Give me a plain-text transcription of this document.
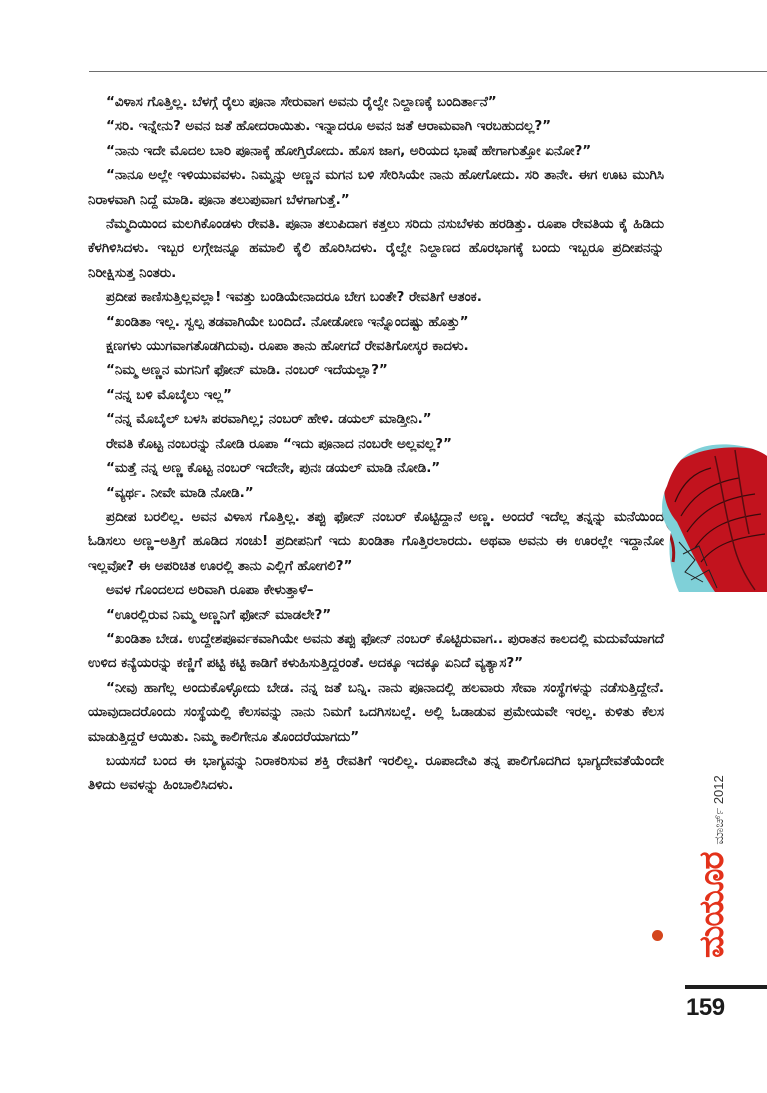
“ವಿಳಾಸ ಗೊತ್ತಿಲ್ಲ. ಬೆಳಗ್ಗೆ ರೈಲು ಪೂನಾ ಸೇರುವಾಗ ಅವನು ರೈಲ್ವೇ ನಿಲ್ದಾಣಕ್ಕೆ ಬಂದಿರ್ತಾನೆ”

“ಸರಿ. ಇನ್ನೇನು? ಅವನ ಜತೆ ಹೋದರಾಯಿತು. ಇನ್ನಾದರೂ ಅವನ ಜತೆ ಆರಾಮವಾಗಿ ಇರಬಹುದಲ್ಲ?”

“ನಾನು ಇದೇ ಮೊದಲ ಬಾರಿ ಪೂನಾಕ್ಕೆ ಹೋಗ್ತಿರೋದು. ಹೊಸ ಜಾಗ, ಅರಿಯದ ಭಾಷೆ ಹೇಗಾಗುತ್ತೋ ಏನೋ?”

“ನಾನೂ ಅಲ್ಲೇ ಇಳಿಯುವವಳು. ನಿಮ್ಮನ್ನು ಅಣ್ಣನ ಮಗನ ಬಳಿ ಸೇರಿಸಿಯೇ ನಾನು ಹೋಗೋದು. ಸರಿ ತಾನೇ. ಈಗ ಊಟ ಮುಗಿಸಿ ನಿರಾಳವಾಗಿ ನಿದ್ದೆ ಮಾಡಿ. ಪೂನಾ ತಲುಪುವಾಗ ಬೆಳಗಾಗುತ್ತೆ.”

ನೆಮ್ಮದಿಯಿಂದ ಮಲಗಿಕೊಂಡಳು ರೇವತಿ. ಪೂನಾ ತಲುಪಿದಾಗ ಕತ್ತಲು ಸರಿದು ನಸುಬೆಳಕು ಹರಡಿತ್ತು. ರೂಪಾ ರೇವತಿಯ ಕೈ ಹಿಡಿದು ಕೆಳಗಿಳಿಸಿದಳು. ಇಬ್ಬರ ಲಗ್ಗೇಜನ್ನೂ ಹಮಾಲಿ ಕೈಲಿ ಹೊರಿಸಿದಳು. ರೈಲ್ವೇ ನಿಲ್ದಾಣದ ಹೊರಭಾಗಕ್ಕೆ ಬಂದು ಇಬ್ಬರೂ ಪ್ರದೀಪನನ್ನು ನಿರೀಕ್ಷಿಸುತ್ತ ನಿಂತರು.

ಪ್ರದೀಪ ಕಾಣಿಸುತ್ತಿಲ್ಲವಲ್ಲಾ! ಇವತ್ತು ಬಂಡಿಯೇನಾದರೂ ಬೇಗ ಬಂತೇ? ರೇವತಿಗೆ ಆತಂಕ.

“ಖಂಡಿತಾ ಇಲ್ಲ. ಸ್ವಲ್ಪ ತಡವಾಗಿಯೇ ಬಂದಿದೆ. ನೋಡೋಣ ಇನ್ನೊಂದಷ್ಟು ಹೊತ್ತು”

ಕ್ಷಣಗಳು ಯುಗವಾಗತೊಡಗಿದುವು. ರೂಪಾ ತಾನು ಹೋಗದೆ ರೇವತಿಗೋಸ್ಕರ ಕಾದಳು.

“ನಿಮ್ಮ ಅಣ್ಣನ ಮಗನಿಗೆ ಫೋನ್ ಮಾಡಿ. ನಂಬರ್ ಇದೆಯಲ್ಲಾ?”

“ನನ್ನ ಬಳಿ ಮೊಬೈಲು ಇಲ್ಲ”

“ನನ್ನ ಮೊಬೈಲ್ ಬಳಸಿ ಪರವಾಗಿಲ್ಲ; ನಂಬರ್ ಹೇಳಿ. ಡಯಲ್ ಮಾಡ್ತೀನಿ.”

ರೇವತಿ ಕೊಟ್ಟ ನಂಬರನ್ನು ನೋಡಿ ರೂಪಾ “ಇದು ಪೂನಾದ ನಂಬರೇ ಅಲ್ಲವಲ್ಲ?”

“ಮತ್ತೆ ನನ್ನ ಅಣ್ಣ ಕೊಟ್ಟ ನಂಬರ್ ಇದೇನೇ, ಪುನಃ ಡಯಲ್ ಮಾಡಿ ನೋಡಿ.”

“ವ್ಯರ್ಥ. ನೀವೇ ಮಾಡಿ ನೋಡಿ.”

ಪ್ರದೀಪ ಬರಲಿಲ್ಲ. ಅವನ ವಿಳಾಸ ಗೊತ್ತಿಲ್ಲ. ತಪ್ಪು ಫೋನ್ ನಂಬರ್ ಕೊಟ್ಟಿದ್ದಾನೆ ಅಣ್ಣ. ಅಂದರೆ ಇದೆಲ್ಲ ತನ್ನನ್ನು ಮನೆಯಿಂದ ಓಡಿಸಲು ಅಣ್ಣ–ಅತ್ತಿಗೆ ಹೂಡಿದ ಸಂಚು! ಪ್ರದೀಪನಿಗೆ ಇದು ಖಂಡಿತಾ ಗೊತ್ತಿರಲಾರದು. ಅಥವಾ ಅವನು ಈ ಊರಲ್ಲೇ ಇದ್ದಾನೋ ಇಲ್ಲವೋ? ಈ ಅಪರಿಚಿತ ಊರಲ್ಲಿ ತಾನು ಎಲ್ಲಿಗೆ ಹೋಗಲಿ?”

ಅವಳ ಗೊಂದಲದ ಅರಿವಾಗಿ ರೂಪಾ ಕೇಳುತ್ತಾಳೆ–

“ಊರಲ್ಲಿರುವ ನಿಮ್ಮ ಅಣ್ಣನಿಗೆ ಫೋನ್ ಮಾಡಲೇ?”

“ಖಂಡಿತಾ ಬೇಡ. ಉದ್ದೇಶಪೂರ್ವಕವಾಗಿಯೇ ಅವನು ತಪ್ಪು ಫೋನ್ ನಂಬರ್ ಕೊಟ್ಟಿರುವಾಗ.. ಪುರಾತನ ಕಾಲದಲ್ಲಿ ಮದುವೆಯಾಗದೆ ಉಳಿದ ಕನ್ಯೆಯರನ್ನು ಕಣ್ಣಿಗೆ ಪಟ್ಟಿ ಕಟ್ಟಿ ಕಾಡಿಗೆ ಕಳುಹಿಸುತ್ತಿದ್ದರಂತೆ. ಅದಕ್ಕೂ ಇದಕ್ಕೂ ಏನಿದೆ ವ್ಯತ್ಯಾಸ?”

“ನೀವು ಹಾಗೆಲ್ಲ ಅಂದುಕೊಳ್ಳೋದು ಬೇಡ. ನನ್ನ ಜತೆ ಬನ್ನಿ. ನಾನು ಪೂನಾದಲ್ಲಿ ಹಲವಾರು ಸೇವಾ ಸಂಸ್ಥೆಗಳನ್ನು ನಡೆಸುತ್ತಿದ್ದೇನೆ. ಯಾವುದಾದರೊಂದು ಸಂಸ್ಥೆಯಲ್ಲಿ ಕೆಲಸವನ್ನು ನಾನು ನಿಮಗೆ ಒದಗಿಸಬಲ್ಲೆ. ಅಲ್ಲಿ ಓಡಾಡುವ ಪ್ರಮೇಯವೇ ಇರಲ್ಲ. ಕುಳಿತು ಕೆಲಸ ಮಾಡುತ್ತಿದ್ದರೆ ಆಯಿತು. ನಿಮ್ಮ ಕಾಲಿಗೇನೂ ತೊಂದರೆಯಾಗದು”

ಬಯಸದೆ ಬಂದ ಈ ಭಾಗ್ಯವನ್ನು ನಿರಾಕರಿಸುವ ಶಕ್ತಿ ರೇವತಿಗೆ ಇರಲಿಲ್ಲ. ರೂಪಾದೇವಿ ತನ್ನ ಪಾಲಿಗೊದಗಿದ ಭಾಗ್ಯದೇವತೆಯೆಂದೇ ತಿಳಿದು ಅವಳನ್ನು ಹಿಂಬಾಲಿಸಿದಳು.

ಮಯೂರ
ಮಾರ್ಚ್ 2012
159
